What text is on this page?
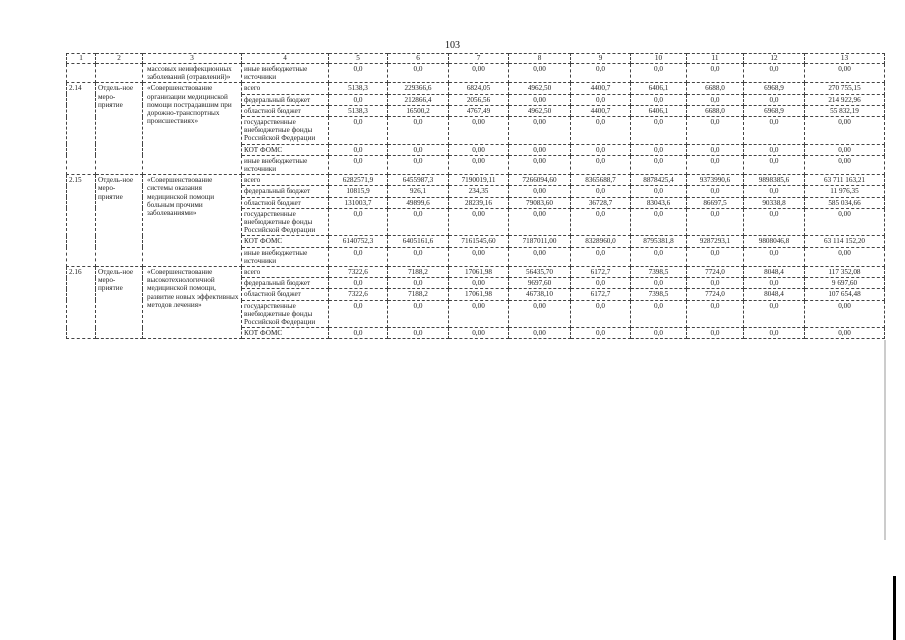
103
1	2	3	4	5	6	7	8	9	10	11	12	13
		массовых неинфекционных заболеваний (отравлений)»	иные внебюджетные источники	0,0	0,0	0,00	0,00	0,0	0,0	0,0	0,0	0,00
2.14	Отдель-ное меро-приятие	«Совершенствование организации медицинской помощи пострадавшим при дорожно-транспортных происшествиях»	всего	5138,3	229366,6	6824,05	4962,50	4400,7	6406,1	6688,0	6968,9	270 755,15
			федеральный бюджет	0,0	212866,4	2056,56	0,00	0,0	0,0	0,0	0,0	214 922,96
			областной бюджет	5138,3	16500,2	4767,49	4962,50	4400,7	6406,1	6688,0	6968,9	55 832,19
			государственные внебюджетные фонды Российской Федерации	0,0	0,0	0,00	0,00	0,0	0,0	0,0	0,0	0,00
			КОТ ФОМС	0,0	0,0	0,00	0,00	0,0	0,0	0,0	0,0	0,00
			иные внебюджетные источники	0,0	0,0	0,00	0,00	0,0	0,0	0,0	0,0	0,00
2.15	Отдель-ное меро-приятие	«Совершенствование системы оказания медицинской помощи больным прочими заболеваниями»	всего	6282571,9	6455987,3	7190019,11	7266094,60	8365688,7	8878425,4	9373990,6	9898385,6	63 711 163,21
			федеральный бюджет	10815,9	926,1	234,35	0,00	0,0	0,0	0,0	0,0	11 976,35
			областной бюджет	131003,7	49899,6	28239,16	79083,60	36728,7	83043,6	86697,5	90338,8	585 034,66
			государственные внебюджетные фонды Российской Федерации	0,0	0,0	0,00	0,00	0,0	0,0	0,0	0,0	0,00
			КОТ ФОМС	6140752,3	6405161,6	7161545,60	7187011,00	8328960,0	8795381,8	9287293,1	9808046,8	63 114 152,20
			иные внебюджетные источники	0,0	0,0	0,00	0,00	0,0	0,0	0,0	0,0	0,00
2.16	Отдель-ное меро-приятие	«Совершенствование высокотехнологичной медицинской помощи, развитие новых эффективных методов лечения»	всего	7322,6	7188,2	17061,98	56435,70	6172,7	7398,5	7724,0	8048,4	117 352,08
			федеральный бюджет	0,0	0,0	0,00	9697,60	0,0	0,0	0,0	0,0	9 697,60
			областной бюджет	7322,6	7188,2	17061,98	46738,10	6172,7	7398,5	7724,0	8048,4	107 654,48
			государственные внебюджетные фонды Российской Федерации	0,0	0,0	0,00	0,00	0,0	0,0	0,0	0,0	0,00
			КОТ ФОМС	0,0	0,0	0,00	0,00	0,0	0,0	0,0	0,0	0,00
